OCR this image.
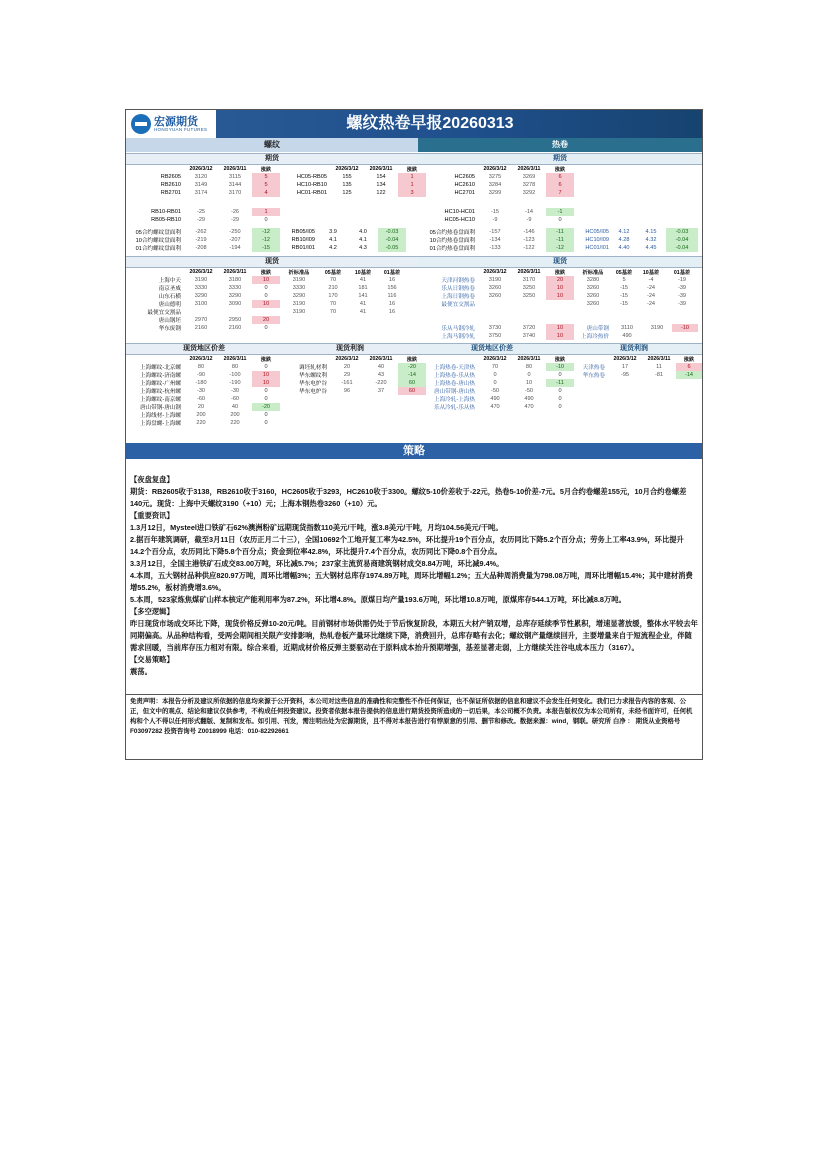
宏源期货
HONGYUAN FUTURES	螺纹热卷早报20260313
螺纹	热卷
期货	期货
	2026/3/12	2026/3/11	涨跌
RB2605	3120	3115	5
RB2610	3149	3144	5
RB2701	3174	3170	4
	2026/3/12	2026/3/11	涨跌
HC05-RB05	155	154	1
HC10-RB10	135	134	1
HC01-RB01	125	122	3
RB10-RB01	-25	-26	1
RB05-RB10	-29	-29	0
05合约螺纹盘面利	-262	-250	-12	RB05/I05	3.9	4.0	-0.03
10合约螺纹盘面利	-219	-207	-12	RB10/I09	4.1	4.1	-0.04
01合约螺纹盘面利	-208	-194	-15	RB01/I01	4.2	4.3	-0.05
现货	现货
	2026/3/12	2026/3/11	涨跌	折标准品	05基差	10基差	01基差
上海中天	3190	3180	10	3190	70	41	16
南京圣威	3330	3330	0	3330	210	181	156
山东石横	3290	3290	0	3290	170	141	116
唐山德明	3100	3090	10	3190	70	41	16
最便宜交割品				3190	70	41	16
唐山钢坯	2970	2950	20				
华东废钢	2160	2160	0				
现货地区价差	现货利润	现货地区价差	现货利润
	2026/3/12	2026/3/11	涨跌
上海螺纹-北京螺	80	80	0
上海螺纹-济南螺	-90	-100	10
上海螺纹-广州螺	-180	-190	10
上海螺纹-杭州螺	-30	-30	0
上海螺纹-南京螺	-60	-60	0
唐山带钢-唐山钢	20	40	-20
上海线材-上海螺	200	200	0
上海盘螺-上海螺	220	220	0
	2026/3/12	2026/3/11	涨跌
调坯轧材利	20	40	-20
华东螺纹利	29	43	-14
华东电炉谷	-161	-220	60
华东电炉谷	96	37	60
	2026/3/12	2026/3/11	涨跌
HC2605	3275	3269	6
HC2610	3284	3278	6
HC2701	3299	3292	7
HC10-HC01	-15	-14	-1
HC05-HC10	-9	-9	0
05合约热卷盘面利	-157	-146	-11	HC05/I05	4.12	4.15	-0.03
10合约热卷盘面利	-134	-123	-11	HC10/I09	4.28	4.32	-0.04
01合约热卷盘面利	-133	-122	-12	HC01/I01	4.40	4.45	-0.04
	2026/3/12	2026/3/11	涨跌	折标准品	05基差	10基差	01基差
天津河钢热卷	3190	3170	20	3280	5	-4	-19
乐从日钢热卷	3260	3250	10	3260	-15	-24	-39
上海日钢热卷	3260	3250	10	3260	-15	-24	-39
最便宜交割品				3260	-15	-24	-39
乐从马钢冷轧	3730	3720	10	唐山带钢	3110	3190	-10
上海马钢冷轧	3750	3740	10	上海冷热价	490		
	2026/3/12	2026/3/11	涨跌
上海热卷-天津热	70	80	-10
上海热卷-乐从热	0	0	0
上海热卷-唐山热	0	10	-11
唐山带钢-唐山热	-50	-50	0
上海冷轧-上海热	490	490	0
乐从冷轧-乐从热	470	470	0
	2026/3/12	2026/3/11	涨跌
天津热卷	17	11	6
华东热卷	-95	-81	-14
策略

【夜盘复盘】

期货：RB2605收于3138，RB2610收于3160，HC2605收于3293，HC2610收于3300。螺纹5-10价差收于-22元，热卷5-10价差-7元。5月合约卷螺差155元，10月合约卷螺差140元。现货：上海中天螺纹3190（+10）元；上海本钢热卷3260（+10）元。

【重要资讯】

1.3月12日，Mysteel进口铁矿石62%澳洲粉矿远期现货指数110美元/干吨，涨3.8美元/干吨，月均104.56美元/干吨。

2.据百年建筑调研，截至3月11日（农历正月二十三），全国10692个工地开复工率为42.5%，环比提升19个百分点，农历同比下降5.2个百分点；劳务上工率43.9%，环比提升14.2个百分点，农历同比下降5.8个百分点；资金到位率42.8%，环比提升7.4个百分点，农历同比下降0.8个百分点。

3.3月12日，全国主港铁矿石成交83.00万吨，环比减5.7%；237家主流贸易商建筑钢材成交8.84万吨，环比减9.4%。

4.本周，五大钢材品种供应820.97万吨，周环比增幅3%；五大钢材总库存1974.89万吨，周环比增幅1.2%；五大品种周消费量为798.08万吨，周环比增幅15.4%；其中建材消费增55.2%，板材消费增3.6%。

5.本周，523家炼焦煤矿山样本核定产能利用率为87.2%，环比增4.8%。原煤日均产量193.6万吨，环比增10.8万吨，原煤库存544.1万吨，环比减8.8万吨。

【多空逻辑】

昨日现货市场成交环比下降，现货价格反弹10-20元/吨。目前钢材市场供需仍处于节后恢复阶段，本期五大材产销双增，总库存延续季节性累积，增速显著放缓，整体水平较去年同期偏高。从品种结构看，受两会期间相关限产安排影响，热轧卷板产量环比继续下降，消费回升，总库存略有去化；螺纹钢产量继续回升，主要增量来自于短流程企业，伴随需求回暖，当前库存压力相对有限。综合来看，近期成材价格反弹主要驱动在于原料成本抬升预期增强，基差显著走弱，上方继续关注谷电成本压力（3167）。

【交易策略】

震荡。

免责声明：本报告分析及建议所依据的信息均来源于公开资料，本公司对这些信息的准确性和完整性不作任何保证，也不保证所依据的信息和建议不会发生任何变化。我们已力求报告内容的客观、公正，但文中的观点、结论和建议仅供参考，不构成任何投资建议。投资者依据本报告提供的信息进行期货投资所造成的一切后果，本公司概不负责。本报告版权仅为本公司所有，未经书面许可，任何机构和个人不得以任何形式翻版、复制和发布。如引用、刊发，需注明出处为宏源期货，且不得对本报告进行有悖原意的引用、删节和修改。数据来源：wind，钢联。研究所 白净 ： 期货从业资格号F03097282 投资咨询号 Z0018999 电话：010-82292661
